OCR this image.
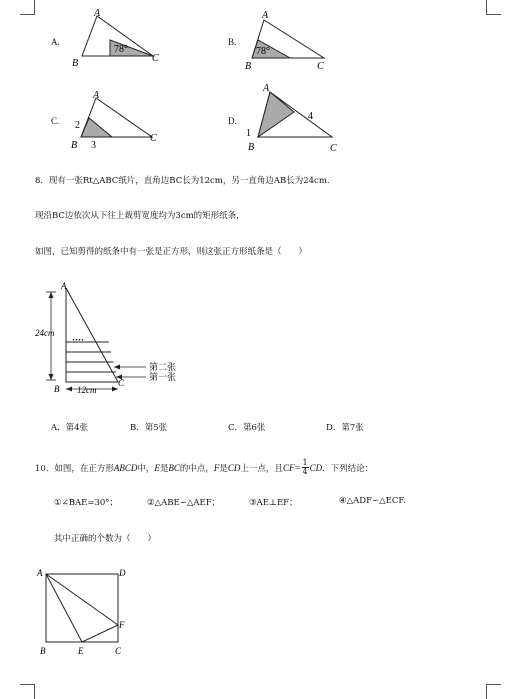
A.
A
B	C
78°
B.
A
B	C
78°
C.
A
B
C
2
3
D.
A
B	C
1
4
8．现有一张Rt△ABC纸片，直角边BC长为12cm，另一直角边AB长为24cm.
现沿BC边依次从下往上裁剪宽度均为3cm的矩形纸条，
如图，已知剪得的纸条中有一张是正方形，则这张正方形纸条是（　　）
A
B
C
24cm
12cm
····
第二张
第一张
A．第4张	B．第5张	C．第6张	D．第7张
10．如图，在正方形 ABCD 中， E 是 BC 的中点， F 是 CD 上一点，且 $CF= \frac{1}{4}$ CD ．下列结论：
①∠BAE=30°；	②△ABE∽△AEF；	③AE⊥EF；	④△ADF∽△ECF.
其中正确的个数为（　　）
A	D
B	E	C
F
